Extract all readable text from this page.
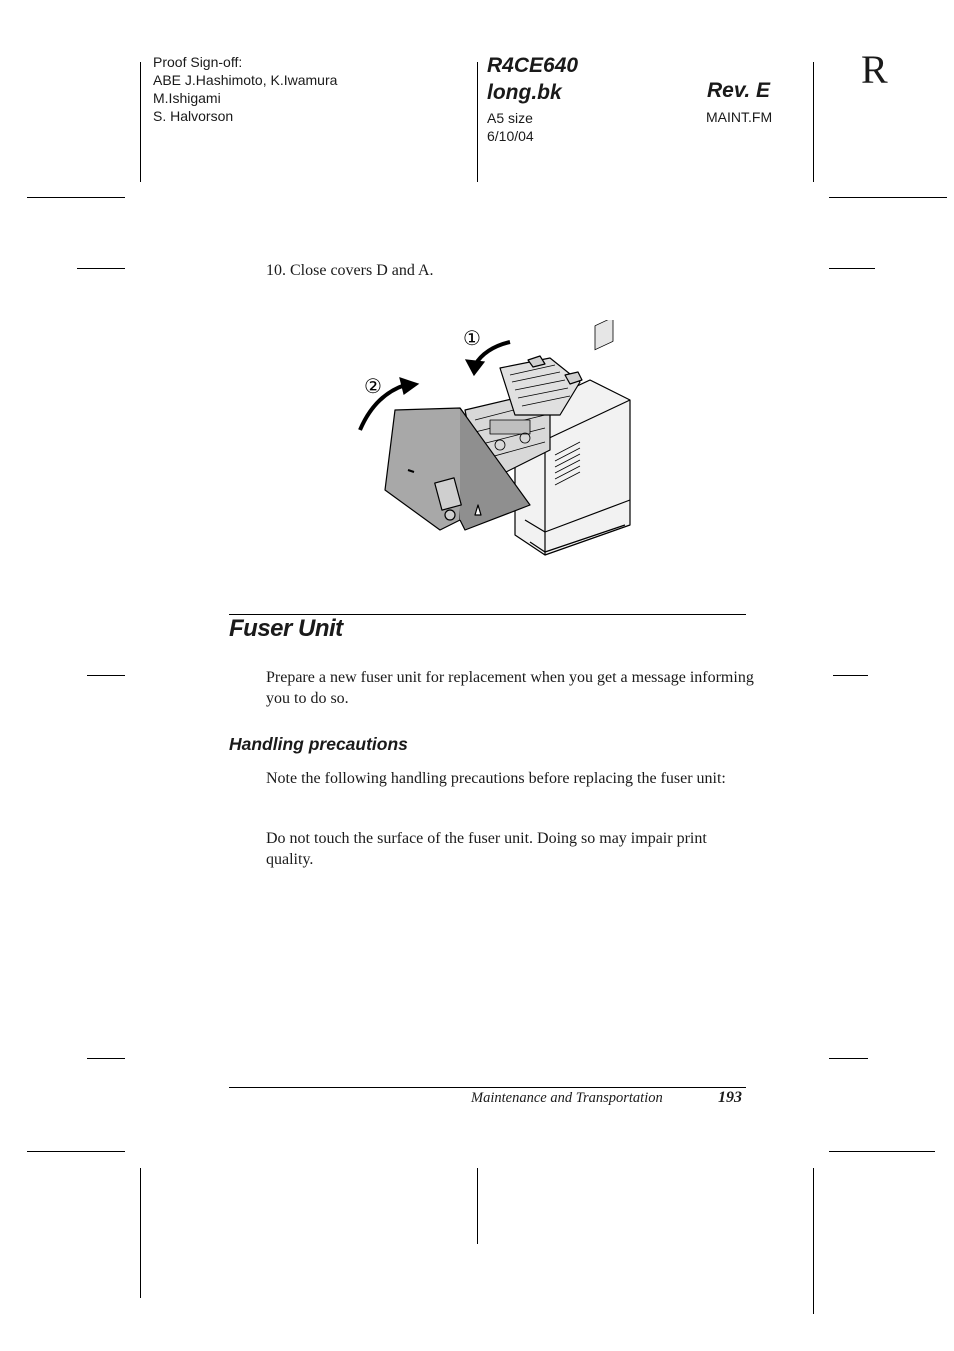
Proof Sign-off:
ABE J.Hashimoto, K.Iwamura
M.Ishigami
S. Halvorson
R4CE640
long.bk
A5 size
6/10/04
Rev. E
MAINT.FM
R
10. Close covers D and A.
①
②
Fuser Unit
Prepare a new fuser unit for replacement when you get a message informing you to do so.
Handling precautions
Note the following handling precautions before replacing the fuser unit:
Do not touch the surface of the fuser unit. Doing so may impair print quality.
Maintenance and Transportation	193
